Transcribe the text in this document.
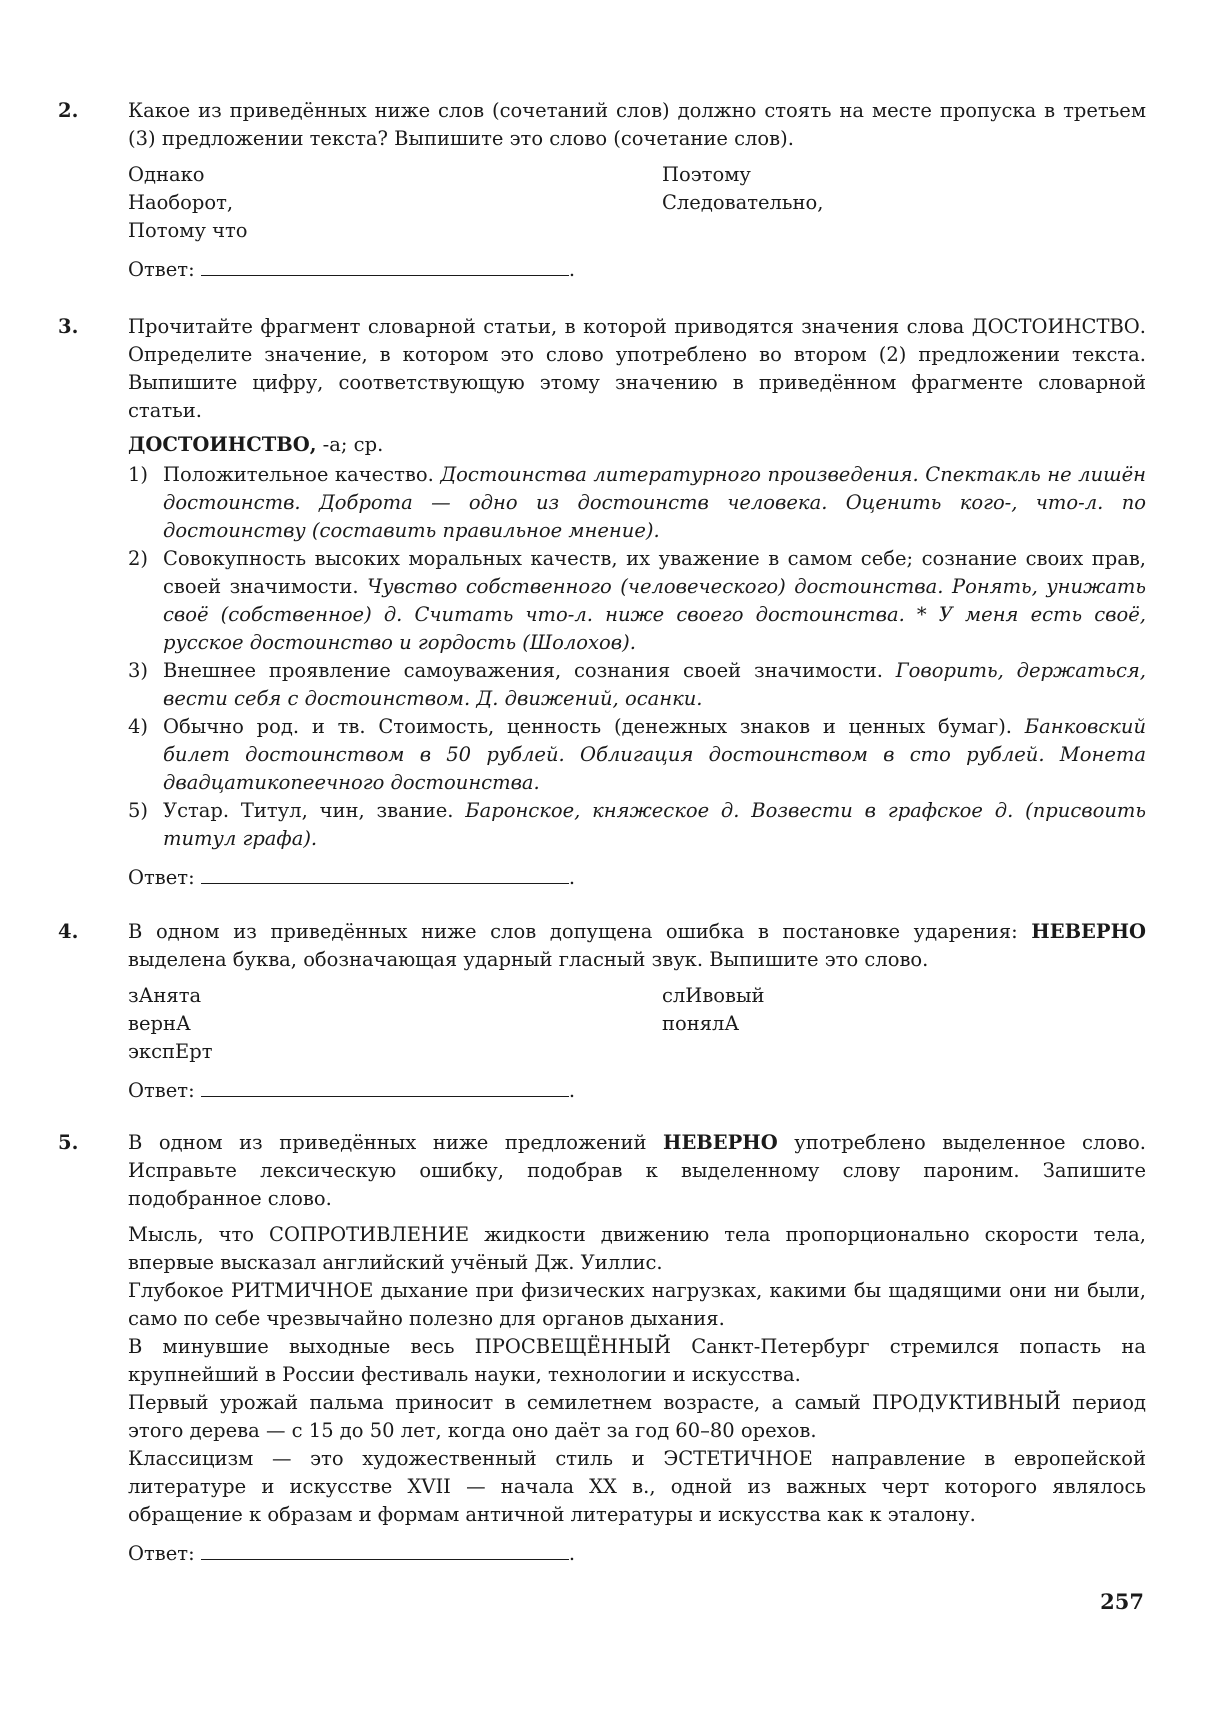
2.	Какое из приведённых ниже слов (сочетаний слов) должно стоять на месте пропуска в третьем (3) предложении текста? Выпишите это слово (сочетание слов).
Однако	Поэтому
Наоборот,	Следовательно,
Потому что
Ответ:	.
3.	Прочитайте фрагмент словарной статьи, в которой приводятся значения слова ДОСТОИНСТВО. Определите значение, в котором это слово употреблено во втором (2) предложении текста. Выпишите цифру, соответствующую этому значению в приведённом фрагменте словарной статьи.
ДОСТОИНСТВО, -а; ср.
1) Положительное качество. Достоинства литературного произведения. Спектакль не лишён достоинств. Доброта — одно из достоинств человека. Оценить кого-, что-л. по достоинству (составить правильное мнение).
2) Совокупность высоких моральных качеств, их уважение в самом себе; сознание своих прав, своей значимости. Чувство собственного (человеческого) достоинства. Ронять, унижать своё (собственное) д. Считать что-л. ниже своего достоинства. * У меня есть своё, русское достоинство и гордость (Шолохов).
3) Внешнее проявление самоуважения, сознания своей значимости. Говорить, держаться, вести себя с достоинством. Д. движений, осанки.
4) Обычно род. и тв. Стоимость, ценность (денежных знаков и ценных бумаг). Банковский билет достоинством в 50 рублей. Облигация достоинством в сто рублей. Монета двадцатикопеечного достоинства.
5) Устар. Титул, чин, звание. Баронское, княжеское д. Возвести в графское д. (присвоить титул графа).
Ответ:	.
4.	В одном из приведённых ниже слов допущена ошибка в постановке ударения: НЕВЕРНО выделена буква, обозначающая ударный гласный звук. Выпишите это слово.
зАнята	слИвовый
вернА	понялА
экспЕрт
Ответ:	.
5.	В одном из приведённых ниже предложений НЕВЕРНО употреблено выделенное слово. Исправьте лексическую ошибку, подобрав к выделенному слову пароним. Запишите подобранное слово.

Мысль, что СОПРОТИВЛЕНИЕ жидкости движению тела пропорционально скорости тела, впервые высказал английский учёный Дж. Уиллис.

Глубокое РИТМИЧНОЕ дыхание при физических нагрузках, какими бы щадящими они ни были, само по себе чрезвычайно полезно для органов дыхания.

В минувшие выходные весь ПРОСВЕЩЁННЫЙ Санкт-Петербург стремился попасть на крупнейший в России фестиваль науки, технологии и искусства.

Первый урожай пальма приносит в семилетнем возрасте, а самый ПРОДУКТИВНЫЙ период этого дерева — с 15 до 50 лет, когда оно даёт за год 60–80 орехов.

Классицизм — это художественный стиль и ЭСТЕТИЧНОЕ направление в европейской литературе и искусстве XVII — начала XX в., одной из важных черт которого являлось обращение к образам и формам античной литературы и искусства как к эталону.

Ответ:	.
257
